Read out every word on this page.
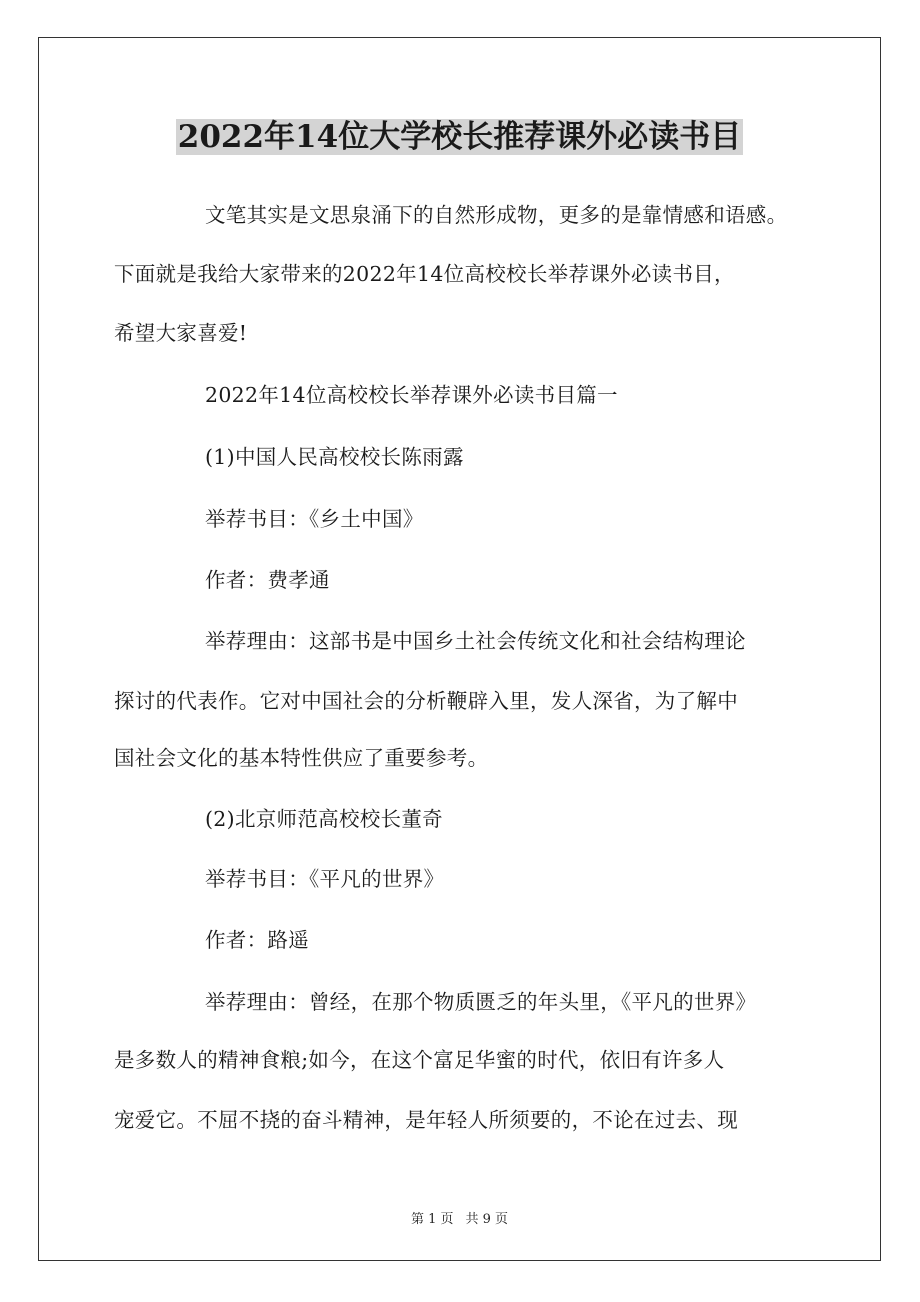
2022年14位大学校长推荐课外必读书目
文笔其实是文思泉涌下的自然形成物，更多的是靠情感和语感。
下面就是我给大家带来的2022年14位高校校长举荐课外必读书目，
希望大家喜爱!
2022年14位高校校长举荐课外必读书目篇一
(1)中国人民高校校长陈雨露
举荐书目：《乡土中国》
作者：费孝通
举荐理由：这部书是中国乡土社会传统文化和社会结构理论
探讨的代表作。它对中国社会的分析鞭辟入里，发人深省，为了解中
国社会文化的基本特性供应了重要参考。
(2)北京师范高校校长董奇
举荐书目：《平凡的世界》
作者：路遥
举荐理由：曾经，在那个物质匮乏的年头里，《平凡的世界》
是多数人的精神食粮;如今，在这个富足华蜜的时代，依旧有许多人
宠爱它。不屈不挠的奋斗精神，是年轻人所须要的，不论在过去、现
第 1 页 共 9 页
